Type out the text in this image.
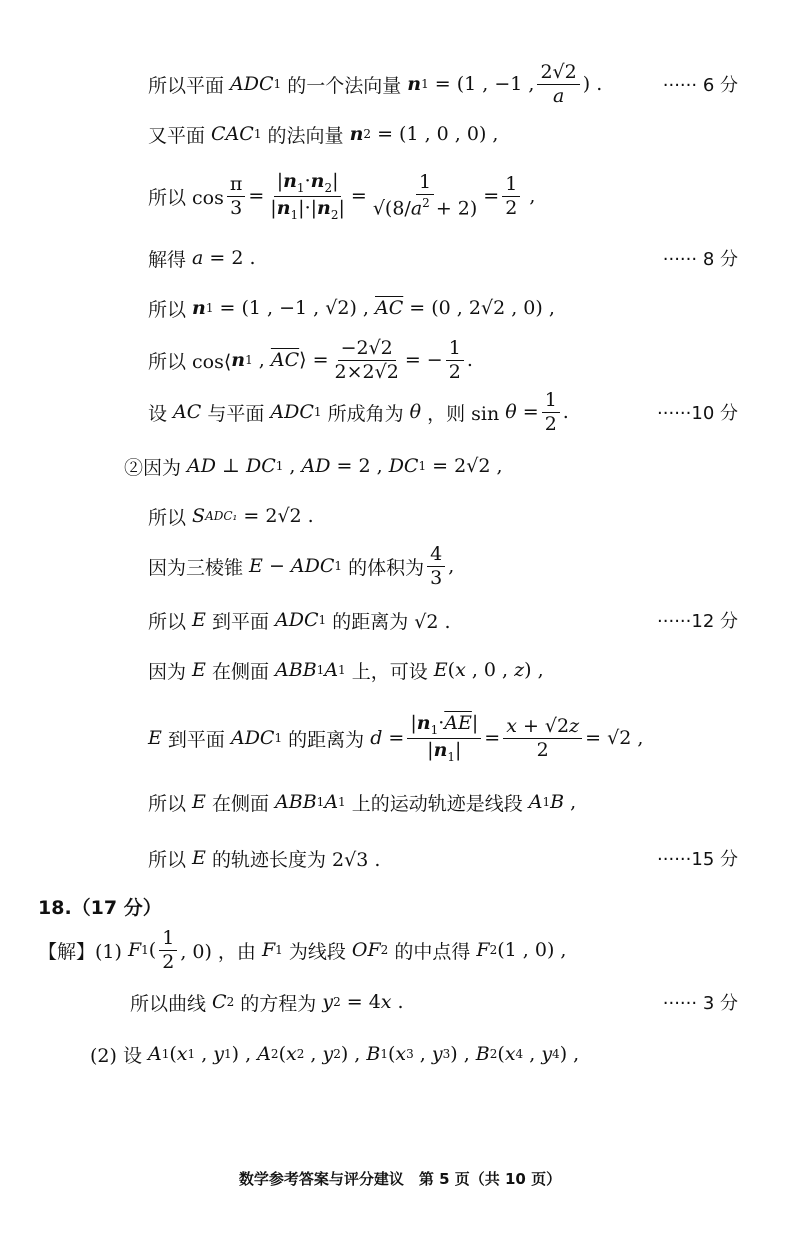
所以平面 ADC 1 的一个法向量 n 1 = (1 , −1 , $\frac{2√2}{a}$ ) .	······ 6 分
又平面 CAC 1 的法向量 n 2 = (1 , 0 , 0) ,
所以 $\cos \frac{\pi}{3} = \frac{|n_1\cdot n_2|}{|n_1|\cdot|n_2|} = \frac{1}{√(8/a^2 + 2)} = \frac{1}{2}$ ,
解得 a = 2 .	······ 8 分
所以 n 1 = (1 , −1 , √2) , $\overline{AC} = (0$ , 2√2 , 0) ,
所以 cos⟨ n 1 , $\overline{AC}$ ⟩ = $\frac{-2√2}{2\times 2√2}$ = − $\frac{1}{2}$ .
设 AC 与平面 ADC 1 所成角为 θ ，则 $\sin \theta = \frac{1}{2}$ .	······10 分
②因为 AD ⊥ DC 1 , AD = 2 , DC 1 = 2√2 ,
所以 S ADC₁ = 2√2 .
因为三棱锥 E − ADC 1 的体积为 $\frac{4}{3}$ ,
所以 E 到平面 ADC 1 的距离为 √2 .	······12 分
因为 E 在侧面 ABB 1 A 1 上，可设 E ( x , 0 , z ) ,
E 到平面 ADC 1 的距离为 $d = \frac{|n_1\cdot\overline{AE}|}{|n_1|} = \frac{x + √2z}{2} = √2$ ,
所以 E 在侧面 ABB 1 A 1 上的运动轨迹是线段 A 1 B ,
所以 E 的轨迹长度为 2√3 .	······15 分
18.（17 分）
【解】(1) F 1 ( $\frac{1}{2}$ , 0) ，由 F 1 为线段 OF 2 的中点得 F 2 (1 , 0) ,
所以曲线 C 2 的方程为 y 2 = 4 x .	······ 3 分
(2) 设 A 1 ( x 1 , y 1 ) , A 2 ( x 2 , y 2 ) , B 1 ( x 3 , y 3 ) , B 2 ( x 4 , y 4 ) ,
数学参考答案与评分建议　第 5 页（共 10 页）
